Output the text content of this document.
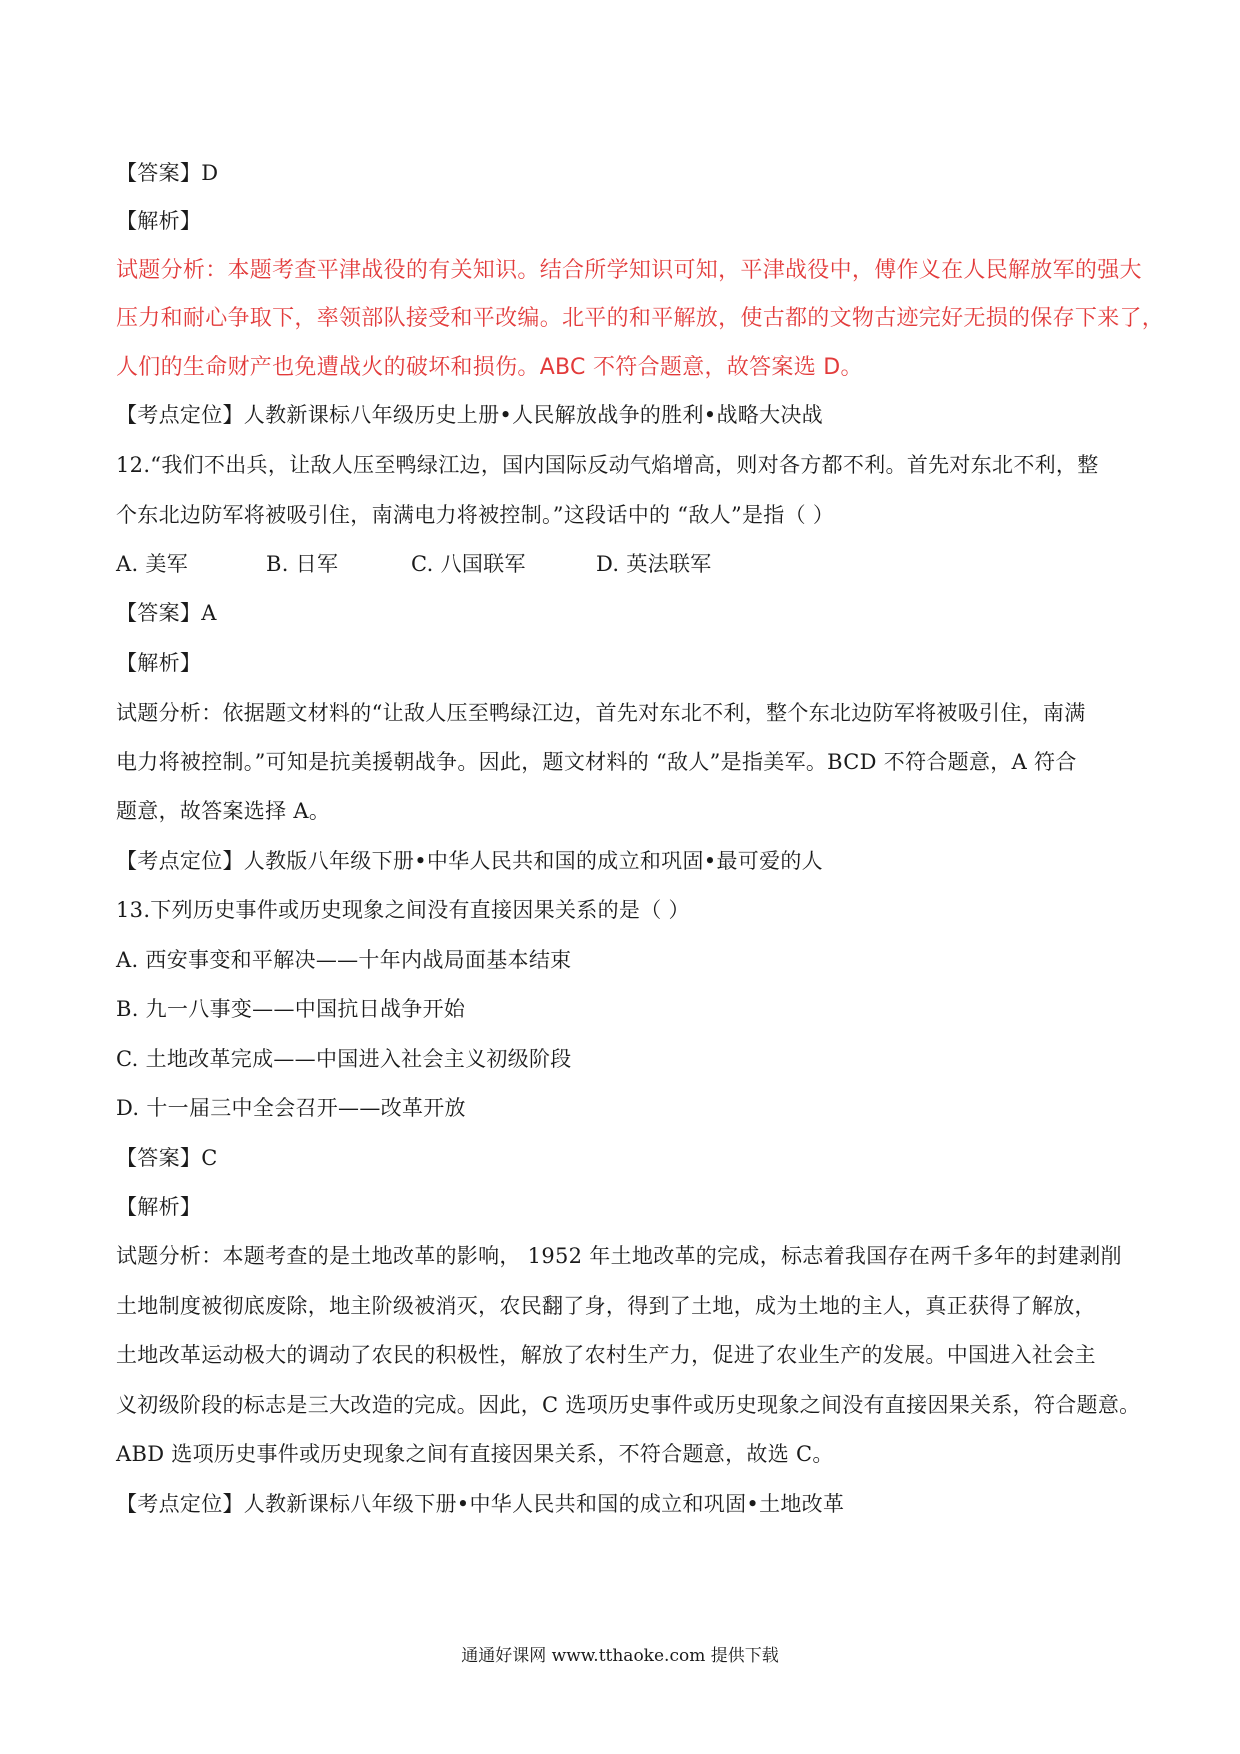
【答案】D
【解析】
试题分析：本题考查平津战役的有关知识。结合所学知识可知，平津战役中，傅作义在人民解放军的强大
压力和耐心争取下，率领部队接受和平改编。北平的和平解放，使古都的文物古迹完好无损的保存下来了，
人们的生命财产也免遭战火的破坏和损伤。ABC 不符合题意，故答案选 D。
【考点定位】人教新课标八年级历史上册•人民解放战争的胜利•战略大决战
12.“我们不出兵，让敌人压至鸭绿江边，国内国际反动气焰增高，则对各方都不利。首先对东北不利，整
个东北边防军将被吸引住，南满电力将被控制。”这段话中的 “敌人”是指（ ）
A. 美军	B. 日军	C. 八国联军	D. 英法联军
【答案】A
【解析】
试题分析：依据题文材料的“让敌人压至鸭绿江边，首先对东北不利，整个东北边防军将被吸引住，南满
电力将被控制。”可知是抗美援朝战争。因此，题文材料的 “敌人”是指美军。BCD 不符合题意，A 符合
题意，故答案选择 A。
【考点定位】人教版八年级下册•中华人民共和国的成立和巩固•最可爱的人
13.下列历史事件或历史现象之间没有直接因果关系的是（ ）
A. 西安事变和平解决——十年内战局面基本结束
B. 九一八事变——中国抗日战争开始
C. 土地改革完成——中国进入社会主义初级阶段
D. 十一届三中全会召开——改革开放
【答案】C
【解析】
试题分析：本题考查的是土地改革的影响， 1952 年土地改革的完成，标志着我国存在两千多年的封建剥削
土地制度被彻底废除，地主阶级被消灭，农民翻了身，得到了土地，成为土地的主人，真正获得了解放，
土地改革运动极大的调动了农民的积极性，解放了农村生产力，促进了农业生产的发展。中国进入社会主
义初级阶段的标志是三大改造的完成。因此，C 选项历史事件或历史现象之间没有直接因果关系，符合题意。
ABD 选项历史事件或历史现象之间有直接因果关系，不符合题意，故选 C。
【考点定位】人教新课标八年级下册•中华人民共和国的成立和巩固•土地改革
通通好课网 www.tthaoke.com 提供下载
